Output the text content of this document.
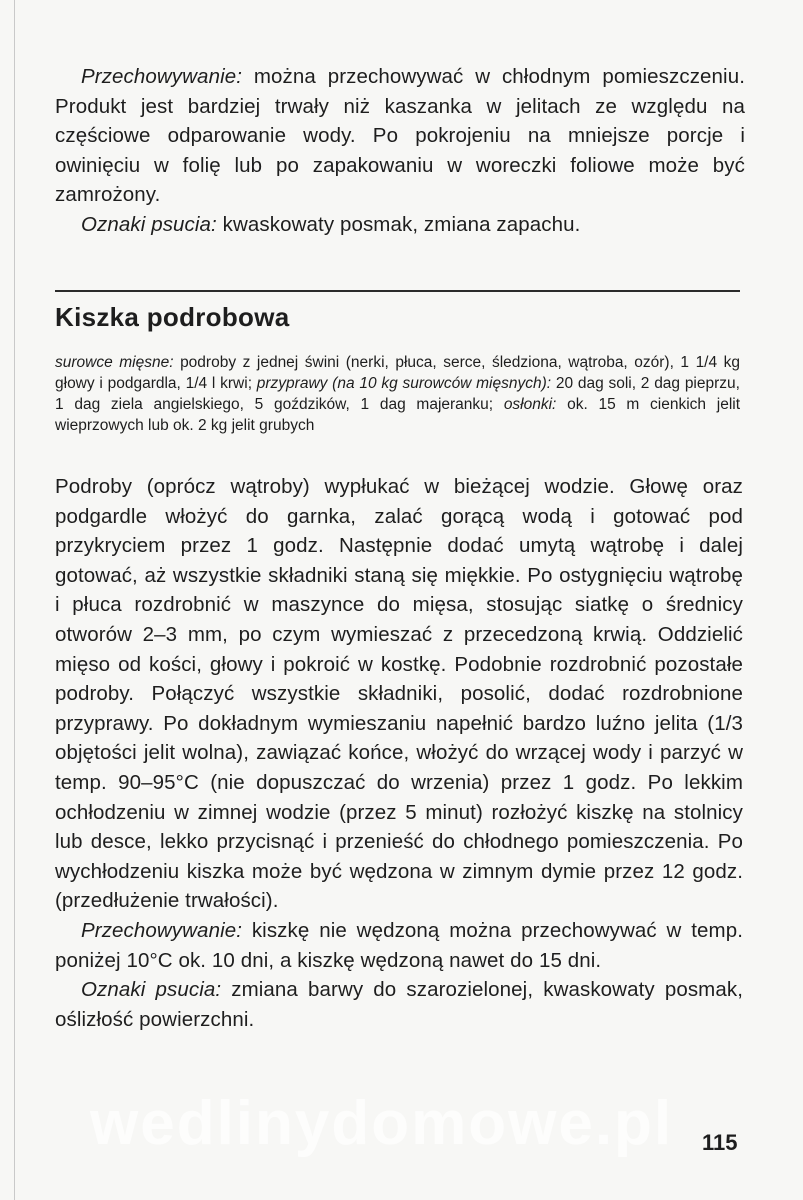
Przechowywanie: można przechowywać w chłodnym pomieszczeniu. Produkt jest bardziej trwały niż kaszanka w jelitach ze względu na częściowe odparowanie wody. Po pokrojeniu na mniejsze porcje i owinięciu w folię lub po zapakowaniu w woreczki foliowe może być zamrożony.

Oznaki psucia: kwaskowaty posmak, zmiana zapachu.

Kiszka podrobowa
surowce mięsne: podroby z jednej świni (nerki, płuca, serce, śledziona, wątroba, ozór), 1 1/4 kg głowy i podgardla, 1/4 l krwi; przyprawy (na 10 kg surowców mięsnych): 20 dag soli, 2 dag pieprzu, 1 dag ziela angielskiego, 5 goździków, 1 dag majeranku; osłonki: ok. 15 m cienkich jelit wieprzowych lub ok. 2 kg jelit grubych

Podroby (oprócz wątroby) wypłukać w bieżącej wodzie. Głowę oraz podgardle włożyć do garnka, zalać gorącą wodą i gotować pod przykryciem przez 1 godz. Następnie dodać umytą wątrobę i dalej gotować, aż wszystkie składniki staną się miękkie. Po ostygnięciu wątrobę i płuca rozdrobnić w maszynce do mięsa, stosując siatkę o średnicy otworów 2–3 mm, po czym wymieszać z przecedzoną krwią. Oddzielić mięso od kości, głowy i pokroić w kostkę. Podobnie rozdrobnić pozostałe podroby. Połączyć wszystkie składniki, posolić, dodać rozdrobnione przyprawy. Po dokładnym wymieszaniu napełnić bardzo luźno jelita (1/3 objętości jelit wolna), zawiązać końce, włożyć do wrzącej wody i parzyć w temp. 90–95°C (nie dopuszczać do wrzenia) przez 1 godz. Po lekkim ochłodzeniu w zimnej wodzie (przez 5 minut) rozłożyć kiszkę na stolnicy lub desce, lekko przycisnąć i przenieść do chłodnego pomieszczenia. Po wychłodzeniu kiszka może być wędzona w zimnym dymie przez 12 godz. (przedłużenie trwałości).

Przechowywanie: kiszkę nie wędzoną można przechowywać w temp. poniżej 10°C ok. 10 dni, a kiszkę wędzoną nawet do 15 dni.

Oznaki psucia: zmiana barwy do szarozielonej, kwaskowaty posmak, oślizłość powierzchni.

wedlinydomowe.pl 115
